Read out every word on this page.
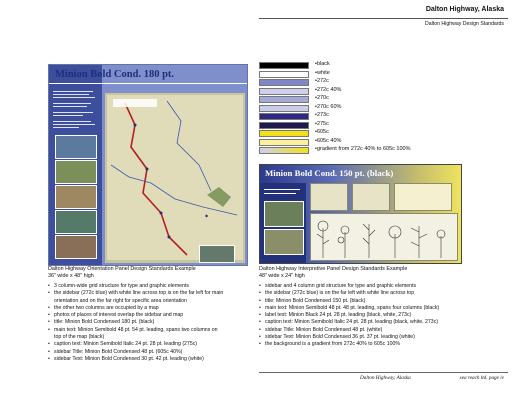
Dalton Highway, Alaska
Dalton Highway Design Standards
Minion Bold Cond. 180 pt.
◆
• black
• white
• 272c
• 272c 40%
• 270c
• 270c 60%
• 273c
• 275c
• 605c
• 605c 40%
• gradient from 272c 40% to 605c 100%
Minion Bold Cond. 150 pt. (black)
Dalton Highway Orientation Panel Design Standards Example
36" wide x 48" high
• 3 column-wide grid structure for type and graphic elements
• the sidebar (272c blue) with white line across top is on the far left for main
orientation and on the far right for specific area orientation
• the other two columns are occupied by a map
• photos of places of interest overlap the sidebar and map
• title: Minion Bold Condensed 180 pt. (black)
• main text: Minion Semibold 48 pt. 54 pt. leading, spans two columns on
top of the map (black)
• caption text: Minion Semibold Italic 24 pt. 28 pt. leading (275c)
• sidebar Title: Minion Bold Condensed 48 pt. (605c 40%)
• sidebar Text: Minion Bold Condensed 30 pt. 42 pt. leading (white)
Dalton Highway Interpretive Panel Design Standards Example
48" wide x 24" high
• sidebar and 4 column grid structure for type and graphic elements
• the sidebar (272c blue) is on the far left with white line across top
• title: Minion Bold Condensed 150 pt. (black)
• main text: Minion Semibold 48 pt. 48 pt. leading, spans four columns (black)
• label text: Minion Black 24 pt. 28 pt. leading (black, white, 273c)
• caption text: Minion Semibold Italic 24 pt. 28 pt. leading (black, white, 273c)
• sidebar Title: Minion Bold Condensed 48 pt. (white)
• sidebar Text: Minion Bold Condensed 36 pt. 37 pt. leading (white)
• the background is a gradient from 272c 40% to 605c 100%
Dalton Highway, Alaska	sea reach ltd. page iv
